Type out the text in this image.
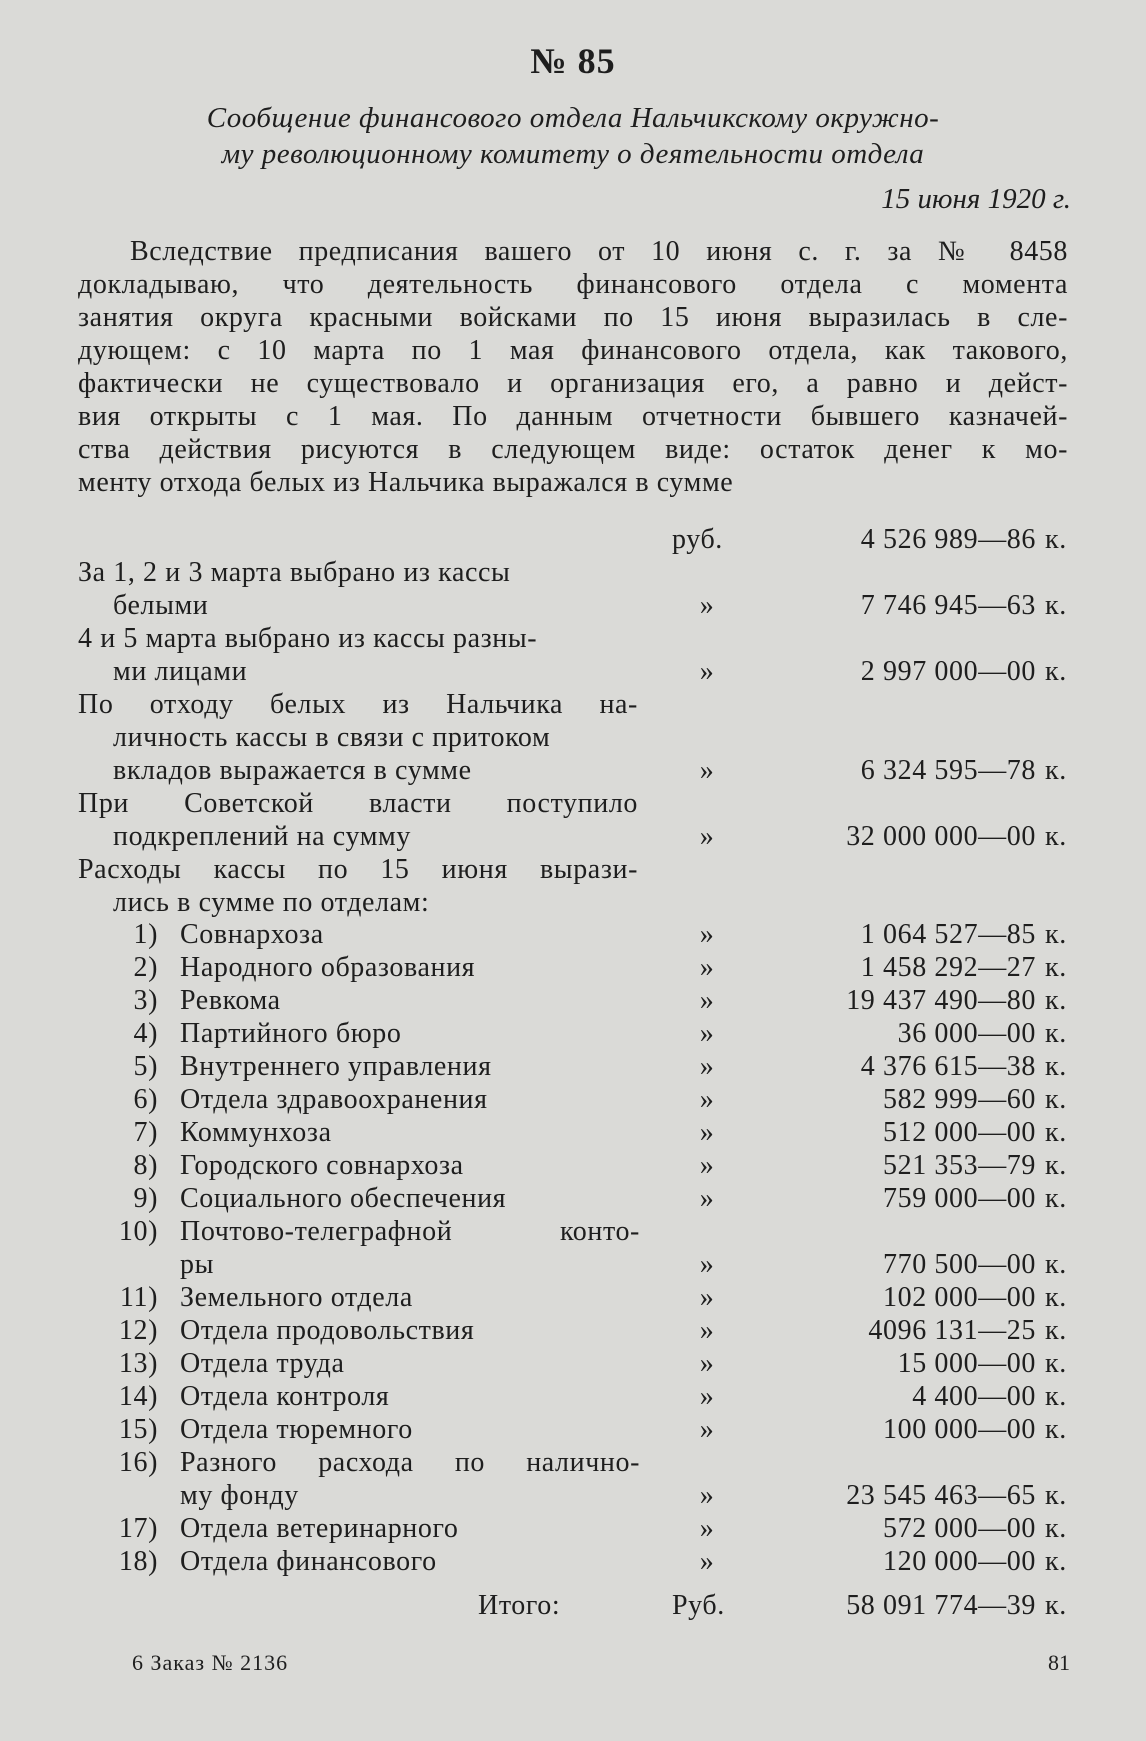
№ 85
Сообщение финансового отдела Нальчикскому окружно-
му революционному комитету о деятельности отдела
15 июня 1920 г.
Вследствие предписания вашего от 10 июня с. г. за № 8458
докладываю, что деятельность финансового отдела с момента
занятия округа красными войсками по 15 июня выразилась в сле-
дующем: с 10 марта по 1 мая финансового отдела, как такового,
фактически не существовало и организация его, а равно и дейст-
вия открыты с 1 мая. По данным отчетности бывшего казначей-
ства действия рисуются в следующем виде: остаток денег к мо-
менту отхода белых из Нальчика выражался в сумме
руб.	4 526 989—86 к.
За 1, 2 и 3 марта выбрано из кассы
белыми	»	7 746 945—63 к.
4 и 5 марта выбрано из кассы разны-
ми лицами	»	2 997 000—00 к.
По отходу белых из Нальчика на-
личность кассы в связи с притоком
вкладов выражается в сумме	»	6 324 595—78 к.
При Советской власти поступило
подкреплений на сумму	»	32 000 000—00 к.
Расходы кассы по 15 июня вырази-
лись в сумме по отделам:
1) Совнархоза	»	1 064 527—85 к.
2) Народного образования	»	1 458 292—27 к.
3) Ревкома	»	19 437 490—80 к.
4) Партийного бюро	»	36 000—00 к.
5) Внутреннего управления	»	4 376 615—38 к.
6) Отдела здравоохранения	»	582 999—60 к.
7) Коммунхоза	»	512 000—00 к.
8) Городского совнархоза	»	521 353—79 к.
9) Социального обеспечения	»	759 000—00 к.
10) Почтово-телеграфной конто-
ры	»	770 500—00 к.
11) Земельного отдела	»	102 000—00 к.
12) Отдела продовольствия	»	4096 131—25 к.
13) Отдела труда	»	15 000—00 к.
14) Отдела контроля	»	4 400—00 к.
15) Отдела тюремного	»	100 000—00 к.
16) Разного расхода по налично-
му фонду	»	23 545 463—65 к.
17) Отдела ветеринарного	»	572 000—00 к.
18) Отдела финансового	»	120 000—00 к.
Итого:	Руб.	58 091 774—39 к.
6 Заказ № 2136	81
